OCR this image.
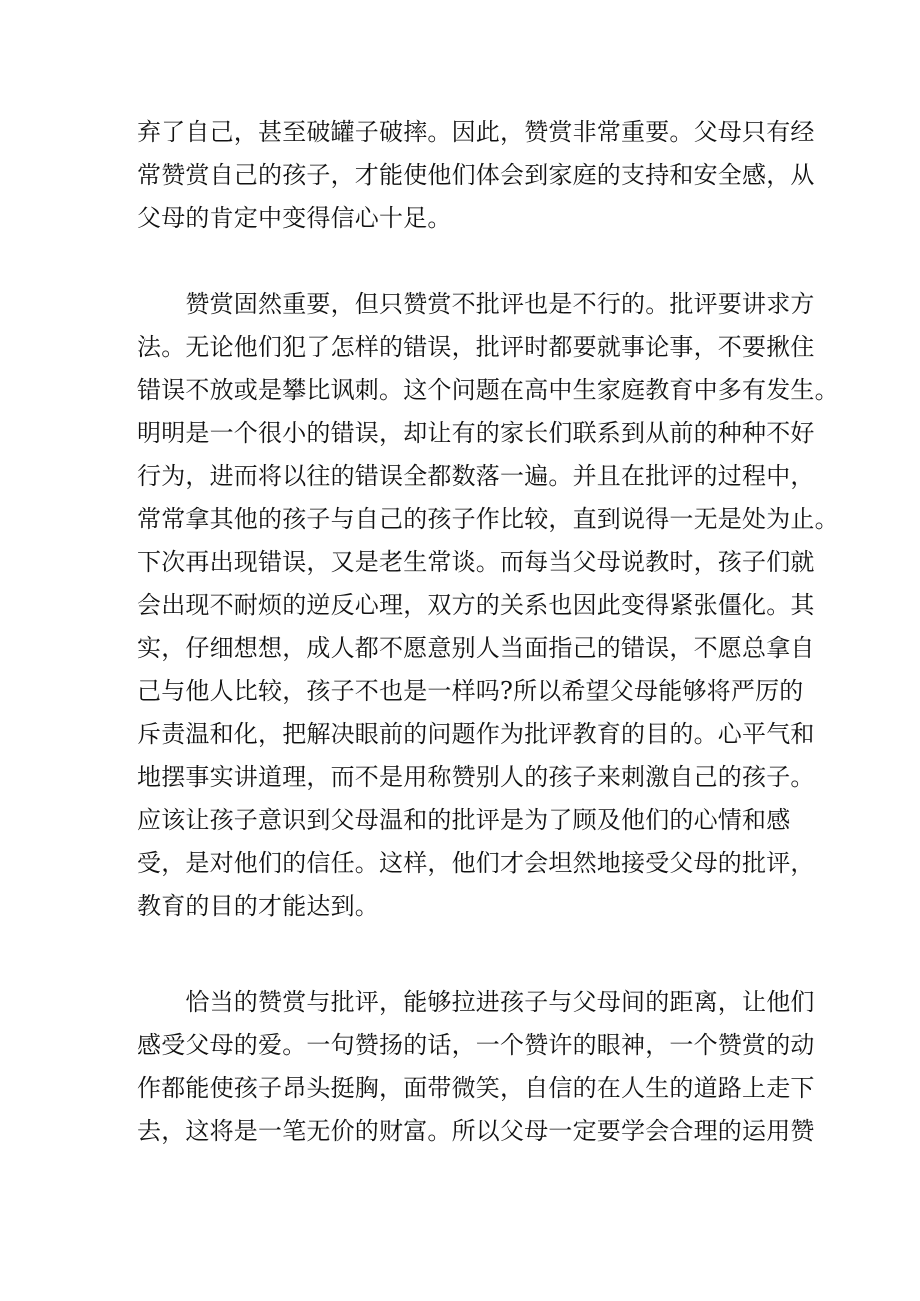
弃了自己，甚至破罐子破摔。因此，赞赏非常重要。父母只有经
常赞赏自己的孩子，才能使他们体会到家庭的支持和安全感，从
父母的肯定中变得信心十足。
　　赞赏固然重要，但只赞赏不批评也是不行的。批评要讲求方
法。无论他们犯了怎样的错误，批评时都要就事论事，不要揪住
错误不放或是攀比讽刺。这个问题在高中生家庭教育中多有发生。
明明是一个很小的错误，却让有的家长们联系到从前的种种不好
行为，进而将以往的错误全都数落一遍。并且在批评的过程中，
常常拿其他的孩子与自己的孩子作比较，直到说得一无是处为止。
下次再出现错误，又是老生常谈。而每当父母说教时，孩子们就
会出现不耐烦的逆反心理，双方的关系也因此变得紧张僵化。其
实，仔细想想，成人都不愿意别人当面指己的错误，不愿总拿自
己与他人比较，孩子不也是一样吗?所以希望父母能够将严厉的
斥责温和化，把解决眼前的问题作为批评教育的目的。心平气和
地摆事实讲道理，而不是用称赞别人的孩子来刺激自己的孩子。
应该让孩子意识到父母温和的批评是为了顾及他们的心情和感
受，是对他们的信任。这样，他们才会坦然地接受父母的批评，
教育的目的才能达到。
　　恰当的赞赏与批评，能够拉进孩子与父母间的距离，让他们
感受父母的爱。一句赞扬的话，一个赞许的眼神，一个赞赏的动
作都能使孩子昂头挺胸，面带微笑，自信的在人生的道路上走下
去，这将是一笔无价的财富。所以父母一定要学会合理的运用赞
